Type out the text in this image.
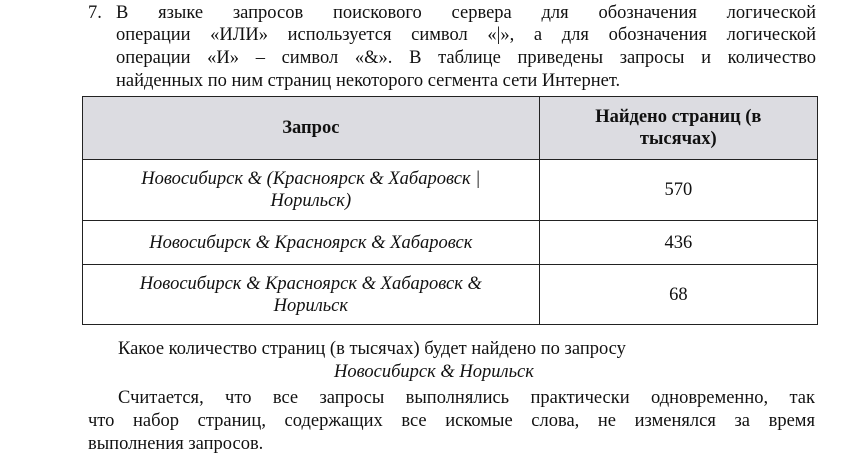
7. В языке запросов поискового сервера для обозначения логической
операции «ИЛИ» используется символ «|», а для обозначения логической
операции «И» – символ «&». В таблице приведены запросы и количество
найденных по ним страниц некоторого сегмента сети Интернет.
Запрос	Найдено страниц (в тысячах)
Новосибирск & (Красноярск & Хабаровск | Норильск)	570
Новосибирск & Красноярск & Хабаровск	436
Новосибирск & Красноярск & Хабаровск & Норильск	68
Какое количество страниц (в тысячах) будет найдено по запросу
Новосибирск & Норильск
Считается, что все запросы выполнялись практически одновременно, так
что набор страниц, содержащих все искомые слова, не изменялся за время
выполнения запросов.
